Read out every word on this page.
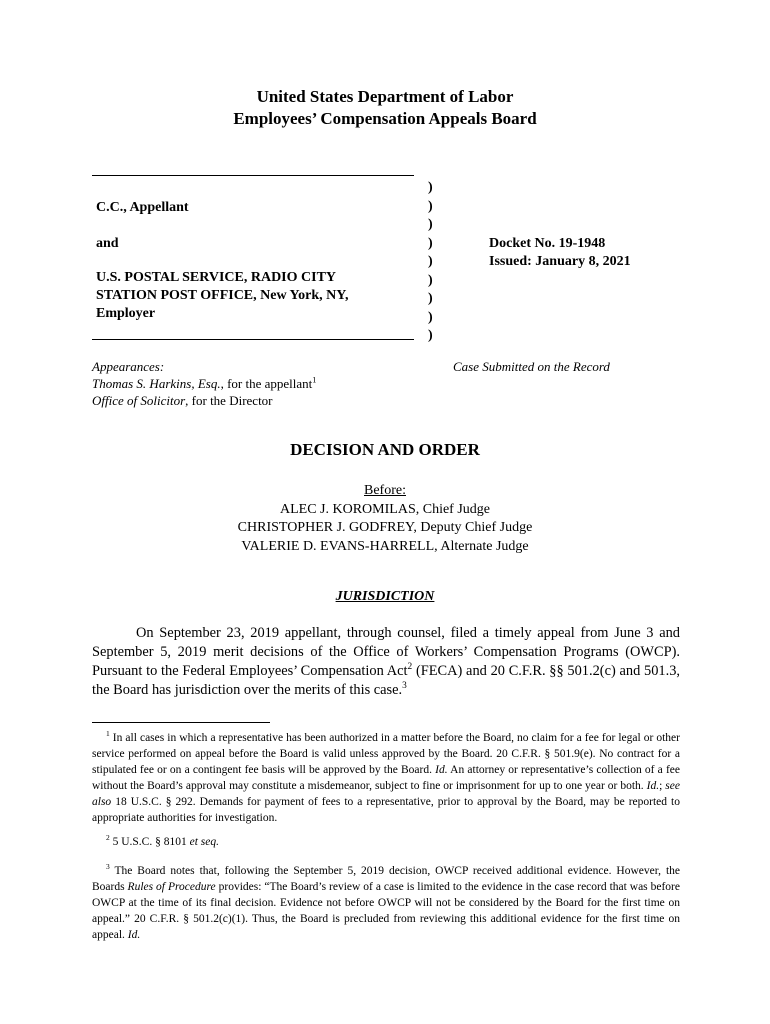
United States Department of Labor
Employees’ Compensation Appeals Board
C.C., Appellant
and
U.S. POSTAL SERVICE, RADIO CITY
STATION POST OFFICE, New York, NY,
Employer
)
)
)
)
)
)
)
)
)
Docket No. 19-1948
Issued: January 8, 2021
Appearances:
Thomas S. Harkins, Esq., for the appellant$^1$
Office of Solicitor, for the Director
Case Submitted on the Record
DECISION AND ORDER
Before:
ALEC J. KOROMILAS, Chief Judge
CHRISTOPHER J. GODFREY, Deputy Chief Judge
VALERIE D. EVANS-HARRELL, Alternate Judge
JURISDICTION
On September 23, 2019 appellant, through counsel, filed a timely appeal from June 3 and September 5, 2019 merit decisions of the Office of Workers’ Compensation Programs (OWCP). Pursuant to the Federal Employees’ Compensation Act$^2$ (FECA) and 20 C.F.R. §§ 501.2(c) and 501.3, the Board has jurisdiction over the merits of this case.$^3$
$^1$ In all cases in which a representative has been authorized in a matter before the Board, no claim for a fee for legal or other service performed on appeal before the Board is valid unless approved by the Board. 20 C.F.R. § 501.9(e). No contract for a stipulated fee or on a contingent fee basis will be approved by the Board. Id. An attorney or representative’s collection of a fee without the Board’s approval may constitute a misdemeanor, subject to fine or imprisonment for up to one year or both. Id.; see also 18 U.S.C. § 292. Demands for payment of fees to a representative, prior to approval by the Board, may be reported to appropriate authorities for investigation.
$^2$ 5 U.S.C. § 8101 et seq.
$^3$ The Board notes that, following the September 5, 2019 decision, OWCP received additional evidence. However, the Boards Rules of Procedure provides: “The Board’s review of a case is limited to the evidence in the case record that was before OWCP at the time of its final decision. Evidence not before OWCP will not be considered by the Board for the first time on appeal.” 20 C.F.R. § 501.2(c)(1). Thus, the Board is precluded from reviewing this additional evidence for the first time on appeal. Id.
